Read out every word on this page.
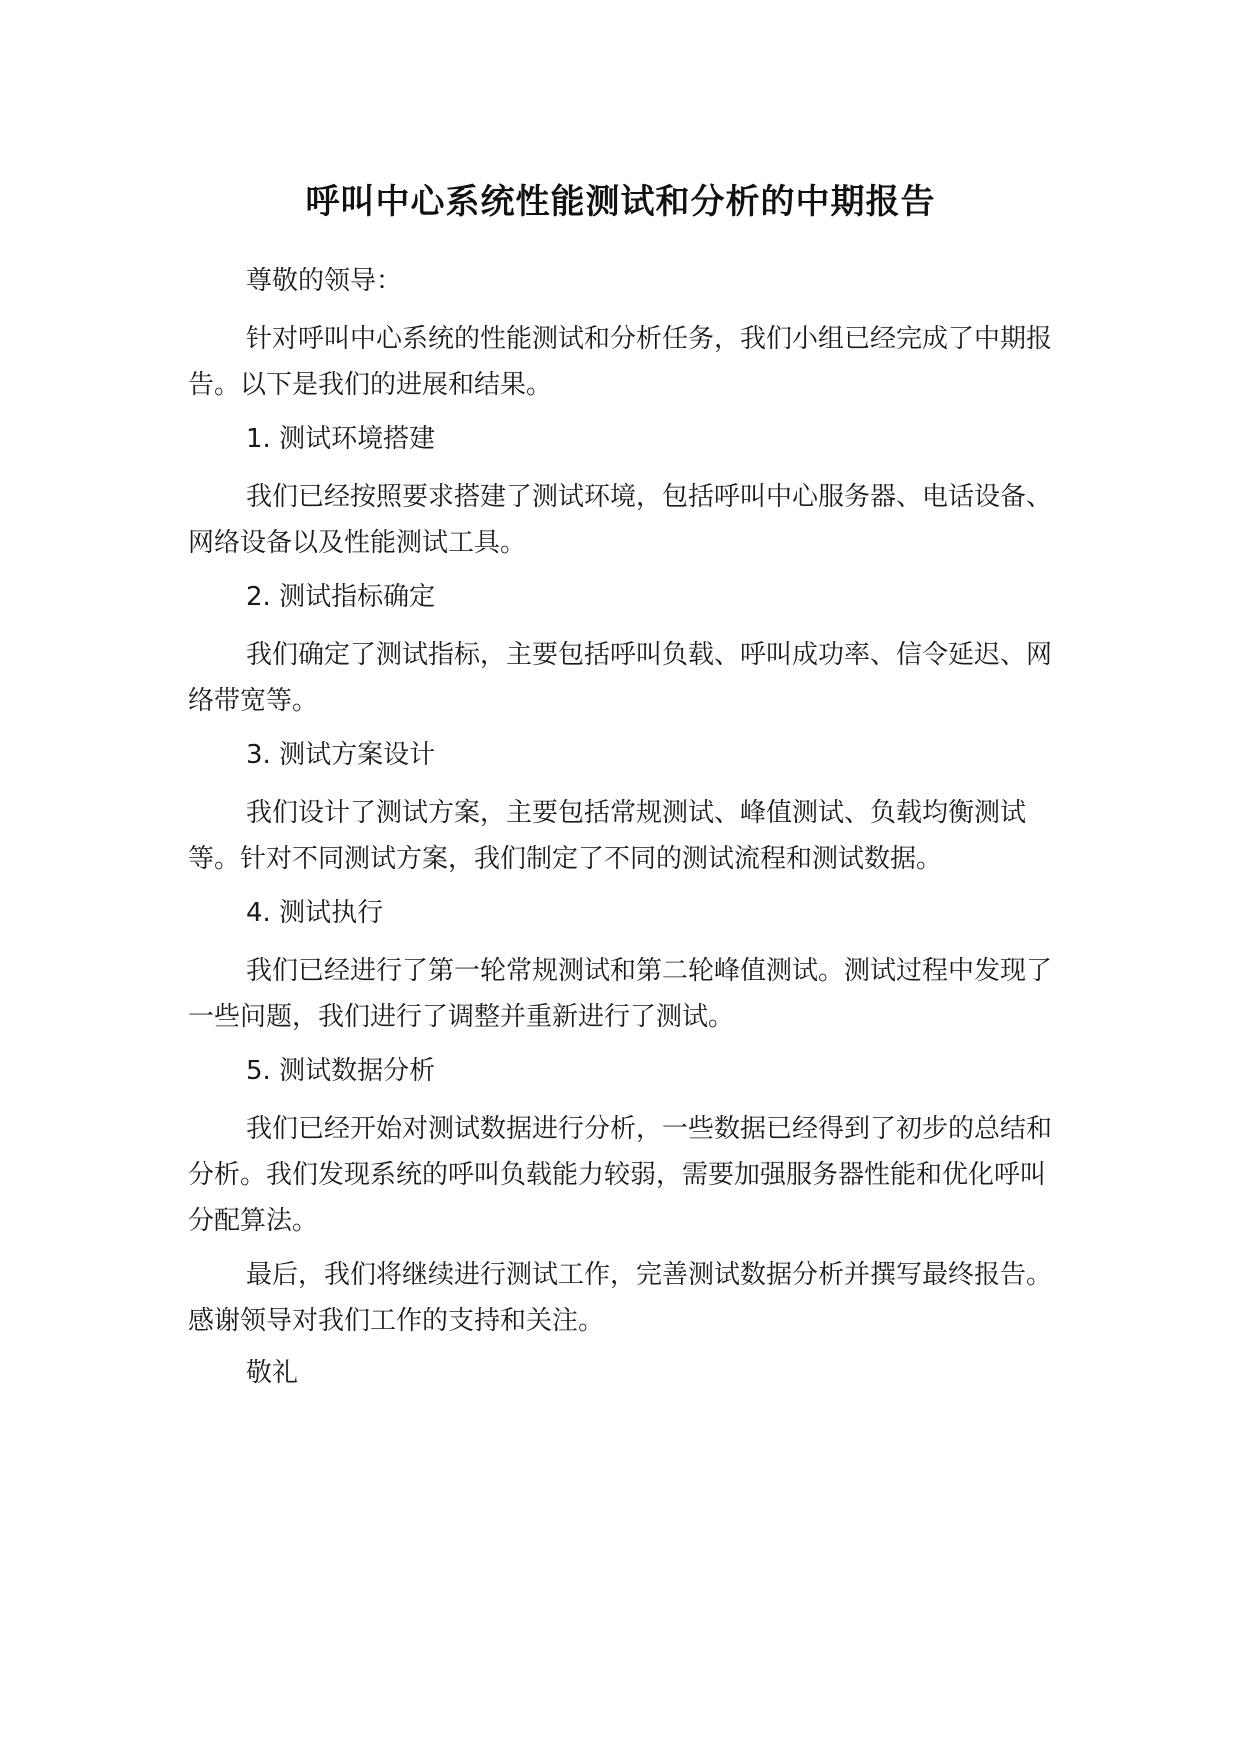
呼叫中心系统性能测试和分析的中期报告

尊敬的领导：

针对呼叫中心系统的性能测试和分析任务，我们小组已经完成了中期报告。以下是我们的进展和结果。

1. 测试环境搭建

我们已经按照要求搭建了测试环境，包括呼叫中心服务器、电话设备、网络设备以及性能测试工具。

2. 测试指标确定

我们确定了测试指标，主要包括呼叫负载、呼叫成功率、信令延迟、网络带宽等。

3. 测试方案设计

我们设计了测试方案，主要包括常规测试、峰值测试、负载均衡测试等。针对不同测试方案，我们制定了不同的测试流程和测试数据。

4. 测试执行

我们已经进行了第一轮常规测试和第二轮峰值测试。测试过程中发现了一些问题，我们进行了调整并重新进行了测试。

5. 测试数据分析

我们已经开始对测试数据进行分析，一些数据已经得到了初步的总结和分析。我们发现系统的呼叫负载能力较弱，需要加强服务器性能和优化呼叫分配算法。

最后，我们将继续进行测试工作，完善测试数据分析并撰写最终报告。感谢领导对我们工作的支持和关注。

敬礼
